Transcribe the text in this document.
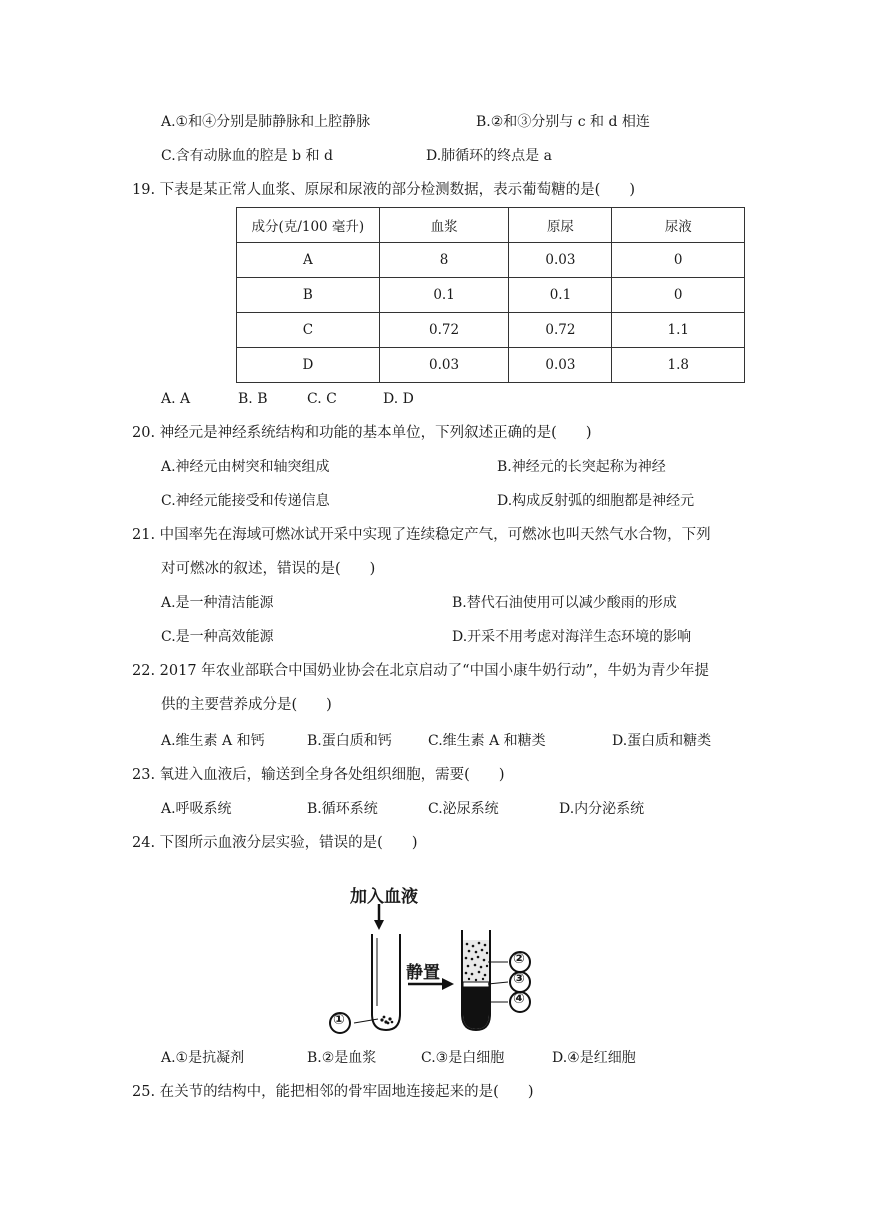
A.①和④分别是肺静脉和上腔静脉	B.②和③分别与 c 和 d 相连
C.含有动脉血的腔是 b 和 d	D.肺循环的终点是 a
19. 下表是某正常人血浆、原尿和尿液的部分检测数据，表示葡萄糖的是(　　)
成分(克/100 毫升)	血浆	原尿	尿液
A	8	0.03	0
B	0.1	0.1	0
C	0.72	0.72	1.1
D	0.03	0.03	1.8
A. A	B. B	C. C	D. D
20. 神经元是神经系统结构和功能的基本单位，下列叙述正确的是(　　)
A.神经元由树突和轴突组成	B.神经元的长突起称为神经
C.神经元能接受和传递信息	D.构成反射弧的细胞都是神经元
21. 中国率先在海域可燃冰试开采中实现了连续稳定产气，可燃冰也叫天然气水合物，下列
对可燃冰的叙述，错误的是(　　)
A.是一种清洁能源	B.替代石油使用可以减少酸雨的形成
C.是一种高效能源	D.开采不用考虑对海洋生态环境的影响
22. 2017 年农业部联合中国奶业协会在北京启动了“中国小康牛奶行动”，牛奶为青少年提
供的主要营养成分是(　　)
A.维生素 A 和钙	B.蛋白质和钙	C.维生素 A 和糖类	D.蛋白质和糖类
23. 氧进入血液后，输送到全身各处组织细胞，需要(　　)
A.呼吸系统	B.循环系统	C.泌尿系统	D.内分泌系统
24. 下图所示血液分层实验，错误的是(　　)
加入血液
静置
①
②
③
④
A.①是抗凝剂	B.②是血浆	C.③是白细胞	D.④是红细胞
25. 在关节的结构中，能把相邻的骨牢固地连接起来的是(　　)
